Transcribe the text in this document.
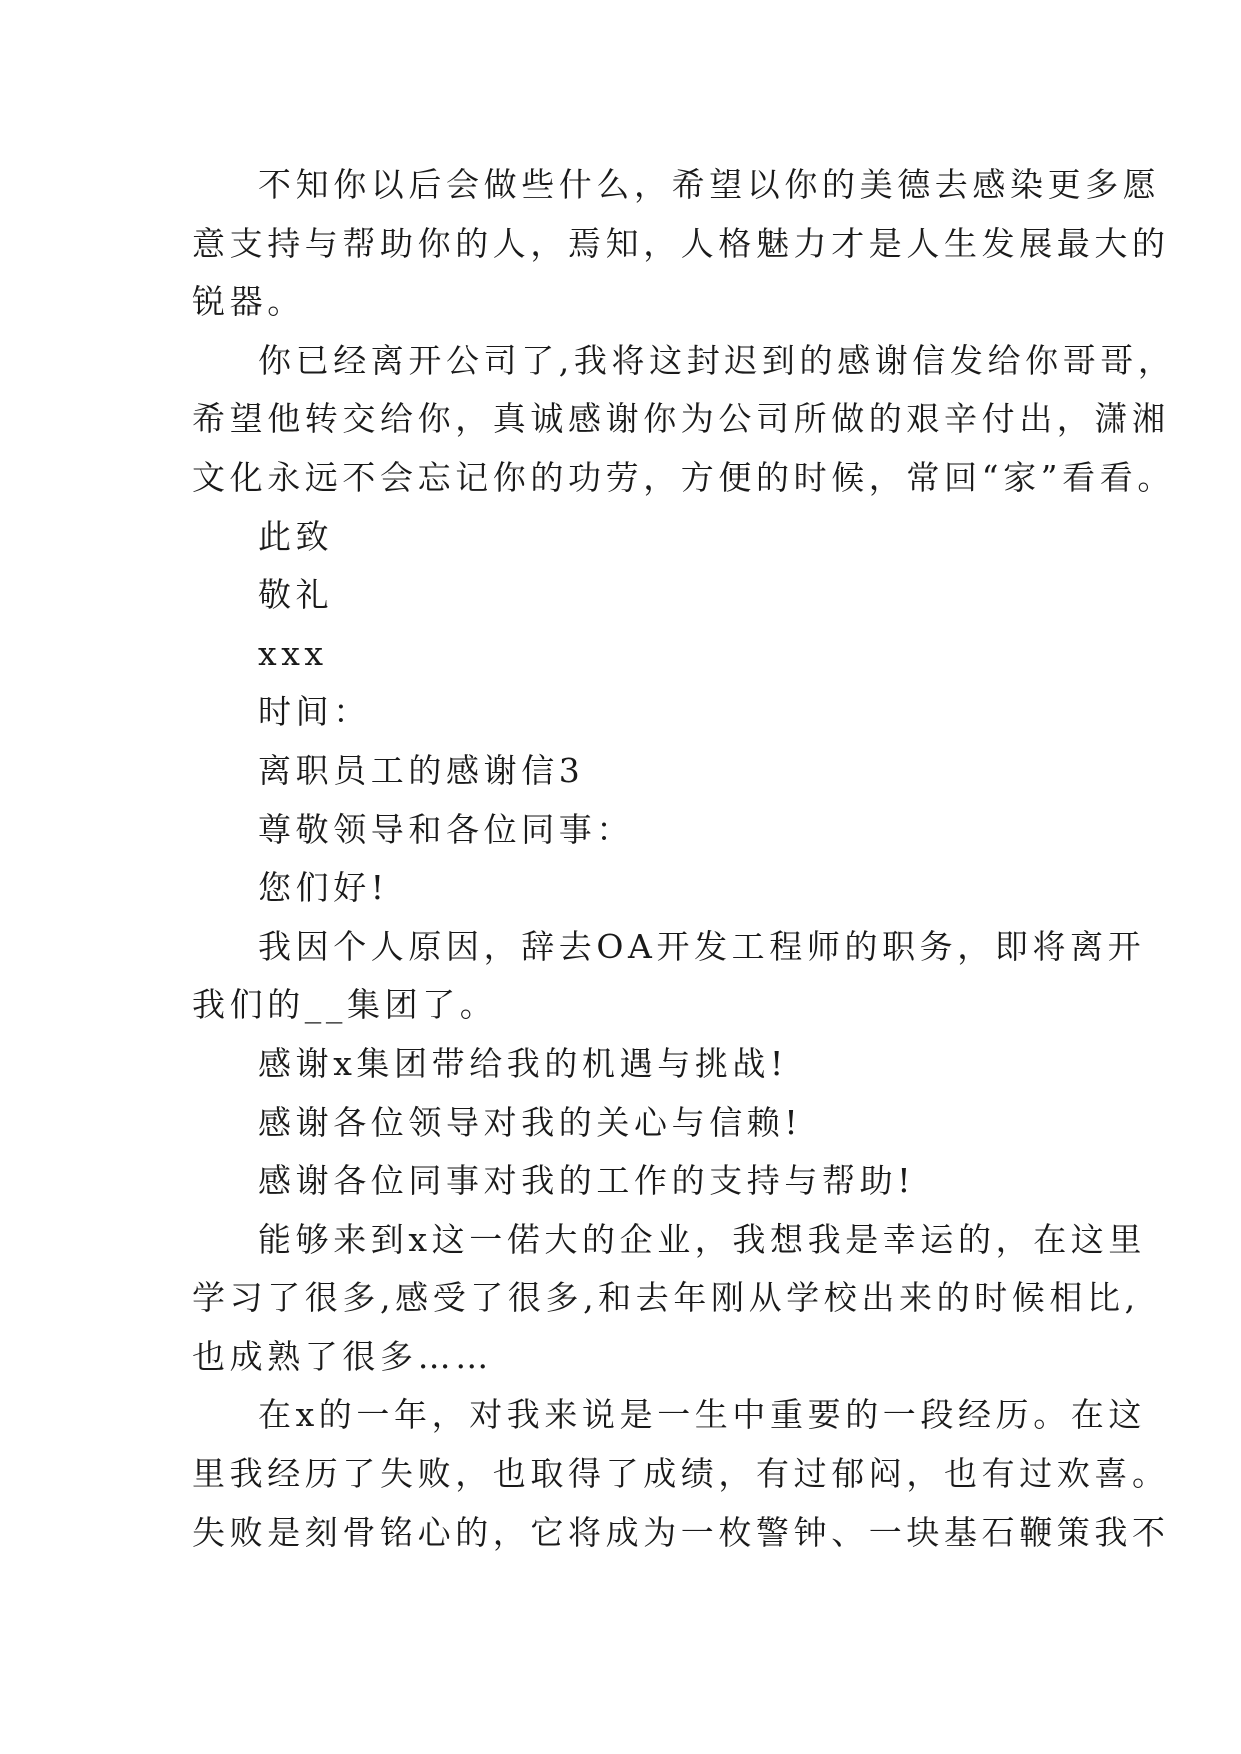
不知你以后会做些什么，希望以你的美德去感染更多愿
意支持与帮助你的人，焉知，人格魅力才是人生发展最大的
锐器。

你已经离开公司了,我将这封迟到的感谢信发给你哥哥，
希望他转交给你，真诚感谢你为公司所做的艰辛付出，潇湘
文化永远不会忘记你的功劳，方便的时候，常回“家”看看。

此致

敬礼

xxx

时间：

离职员工的感谢信3

尊敬领导和各位同事：

您们好!

我因个人原因，辞去OA开发工程师的职务，即将离开
我们的__集团了。

感谢x集团带给我的机遇与挑战!

感谢各位领导对我的关心与信赖!

感谢各位同事对我的工作的支持与帮助!

能够来到x这一偌大的企业，我想我是幸运的，在这里
学习了很多,感受了很多,和去年刚从学校出来的时候相比,
也成熟了很多……

在x的一年，对我来说是一生中重要的一段经历。在这
里我经历了失败，也取得了成绩，有过郁闷，也有过欢喜。
失败是刻骨铭心的，它将成为一枚警钟、一块基石鞭策我不
